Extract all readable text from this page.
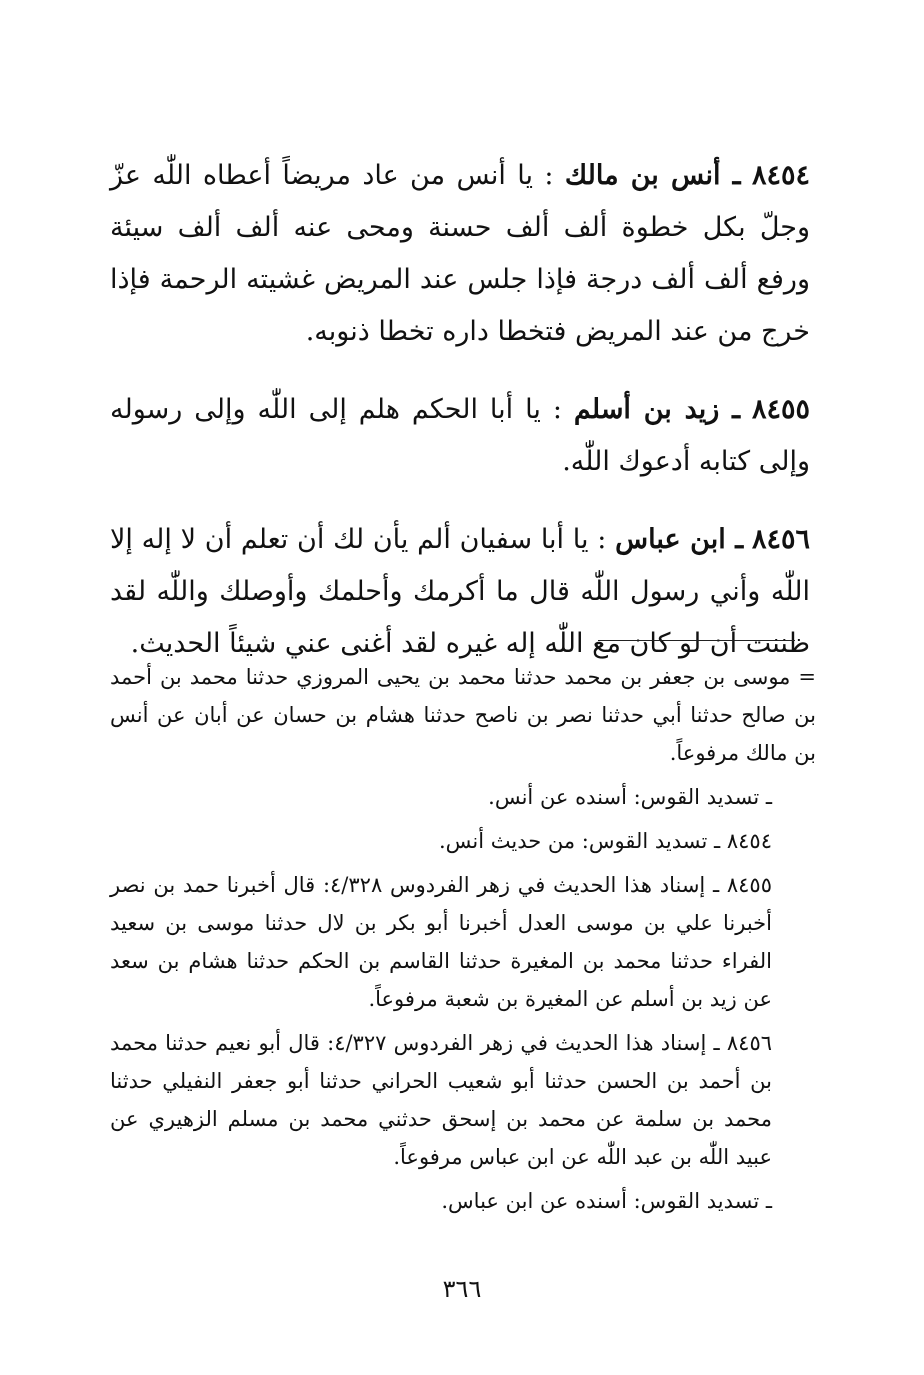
٨٤٥٤ ـ أنس بن مالك : يا أنس من عاد مريضاً أعطاه اللّٰه عزّ وجلّ بكل خطوة ألف ألف حسنة ومحى عنه ألف ألف سيئة ورفع ألف ألف درجة فإذا جلس عند المريض غشيته الرحمة فإذا خرج من عند المريض فتخطا داره تخطا ذنوبه.

٨٤٥٥ ـ زيد بن أسلم : يا أبا الحكم هلم إلى اللّٰه وإلى رسوله وإلى كتابه أدعوك اللّٰه.

٨٤٥٦ ـ ابن عباس : يا أبا سفيان ألم يأن لك أن تعلم أن لا إله إلا اللّٰه وأني رسول اللّٰه قال ما أكرمك وأحلمك وأوصلك واللّٰه لقد ظننت أن لو كان مع اللّٰه إله غيره لقد أغنى عني شيئاً الحديث.

= موسى بن جعفر بن محمد حدثنا محمد بن يحيى المروزي حدثنا محمد بن أحمد بن صالح حدثنا أبي حدثنا نصر بن ناصح حدثنا هشام بن حسان عن أبان عن أنس بن مالك مرفوعاً.

ـ تسديد القوس: أسنده عن أنس.

٨٤٥٤ ـ تسديد القوس: من حديث أنس.

٨٤٥٥ ـ إسناد هذا الحديث في زهر الفردوس ٤/٣٢٨: قال أخبرنا حمد بن نصر أخبرنا علي بن موسى العدل أخبرنا أبو بكر بن لال حدثنا موسى بن سعيد الفراء حدثنا محمد بن المغيرة حدثنا القاسم بن الحكم حدثنا هشام بن سعد عن زيد بن أسلم عن المغيرة بن شعبة مرفوعاً.

٨٤٥٦ ـ إسناد هذا الحديث في زهر الفردوس ٤/٣٢٧: قال أبو نعيم حدثنا محمد بن أحمد بن الحسن حدثنا أبو شعيب الحراني حدثنا أبو جعفر النفيلي حدثنا محمد بن سلمة عن محمد بن إسحق حدثني محمد بن مسلم الزهيري عن عبيد اللّٰه بن عبد اللّٰه عن ابن عباس مرفوعاً.

ـ تسديد القوس: أسنده عن ابن عباس.

٣٦٦
